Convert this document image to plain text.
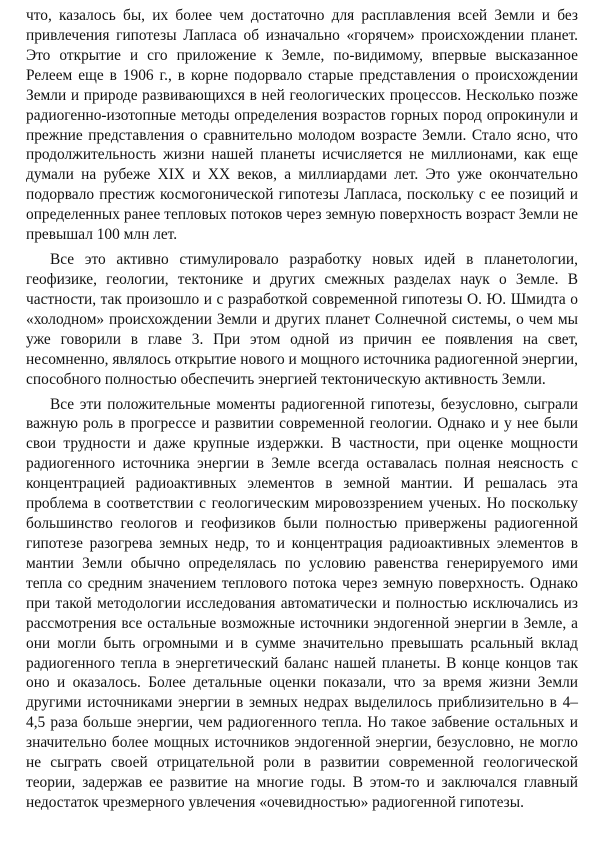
что, казалось бы, их более чем достаточно для расплавления всей Земли и без привлечения гипотезы Лапласа об изначально «горячем» происхождении планет. Это открытие и сго приложение к Земле, по-видимому, впервые высказанное Релеем еще в 1906 г., в корне подорвало старые представления о происхождении Земли и природе развивающихся в ней геологических процессов. Несколько позже радиогенно-изотопные методы определения возрастов горных пород опрокинули и прежние представления о сравнительно молодом возрасте Земли. Стало ясно, что продолжительность жизни нашей планеты исчисляется не миллионами, как еще думали на рубеже XIX и XX веков, а миллиардами лет. Это уже окончательно подорвало престиж космогонической гипотезы Лапласа, поскольку с ее позиций и определенных ранее тепловых потоков через земную поверхность возраст Земли не превышал 100 млн лет.

Все это активно стимулировало разработку новых идей в планетологии, геофизике, геологии, тектонике и других смежных разделах наук о Земле. В частности, так произошло и с разработкой современной гипотезы О. Ю. Шмидта о «холодном» происхождении Земли и других планет Солнечной системы, о чем мы уже говорили в главе 3. При этом одной из причин ее появления на свет, несомненно, являлось открытие нового и мощного источника радиогенной энергии, способного полностью обеспечить энергией тектоническую активность Земли.

Все эти положительные моменты радиогенной гипотезы, безусловно, сыграли важную роль в прогрессе и развитии современной геологии. Однако и у нее были свои трудности и даже крупные издержки. В частности, при оценке мощности радиогенного источника энергии в Земле всегда оставалась полная неясность с концентрацией радиоактивных элементов в земной мантии. И решалась эта проблема в соответствии с геологическим мировоззрением ученых. Но поскольку большинство геологов и геофизиков были полностью привержены радиогенной гипотезе разогрева земных недр, то и концентрация радиоактивных элементов в мантии Земли обычно определялась по условию равенства генерируемого ими тепла со средним значением теплового потока через земную поверхность. Однако при такой методологии исследования автоматически и полностью исключались из рассмотрения все остальные возможные источники эндогенной энергии в Земле, а они могли быть огромными и в сумме значительно превышать рсальный вклад радиогенного тепла в энергетический баланс нашей планеты. В конце концов так оно и оказалось. Более детальные оценки показали, что за время жизни Земли другими источниками энергии в земных недрах выделилось приблизительно в 4–4,5 раза больше энергии, чем радиогенного тепла. Но такое забвение остальных и значительно более мощных источников эндогенной энергии, безусловно, не могло не сыграть своей отрицательной роли в развитии современной геологической теории, задержав ее развитие на многие годы. В этом-то и заключался главный недостаток чрезмерного увлечения «очевидностью» радиогенной гипотезы.
